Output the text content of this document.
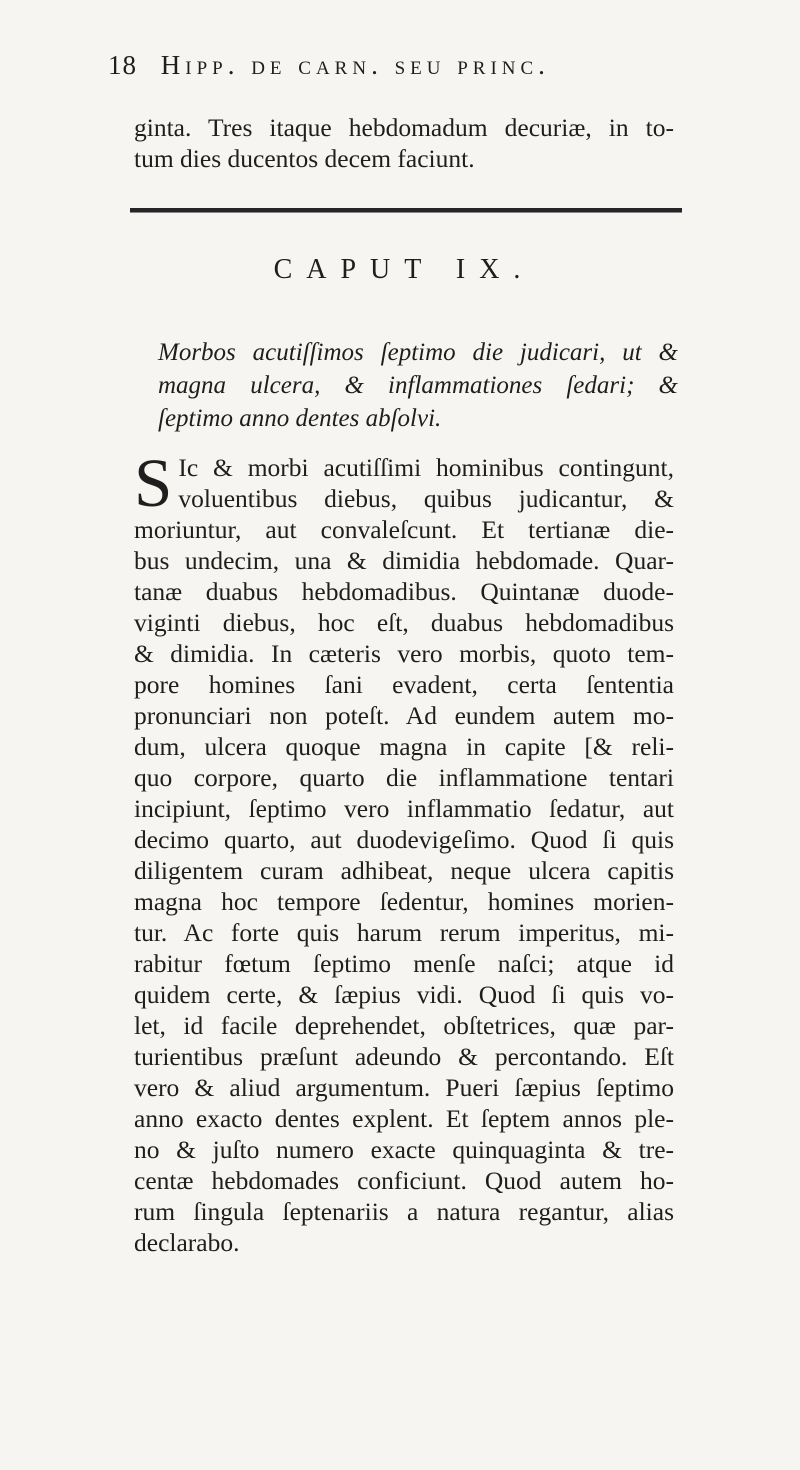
18 Hipp. de carn. seu princ.
ginta. Tres itaque hebdomadum decuriæ, in to-
tum dies ducentos decem faciunt.
CAPUT IX.
Morbos acutiſſimos ſeptimo die judicari, ut &
magna ulcera, & inflammationes ſedari; &
ſeptimo anno dentes abſolvi.
S Ic & morbi acutiſſimi hominibus contingunt,
voluentibus diebus, quibus judicantur, &
moriuntur, aut convaleſcunt. Et tertianæ die-
bus undecim, una & dimidia hebdomade. Quar-
tanæ duabus hebdomadibus. Quintanæ duode-
viginti diebus, hoc eſt, duabus hebdomadibus
& dimidia. In cæteris vero morbis, quoto tem-
pore homines ſani evadent, certa ſententia
pronunciari non poteſt. Ad eundem autem mo-
dum, ulcera quoque magna in capite [& reli-
quo corpore, quarto die inflammatione tentari
incipiunt, ſeptimo vero inflammatio ſedatur, aut
decimo quarto, aut duodevigeſimo. Quod ſi quis
diligentem curam adhibeat, neque ulcera capitis
magna hoc tempore ſedentur, homines morien-
tur. Ac forte quis harum rerum imperitus, mi-
rabitur fœtum ſeptimo menſe naſci; atque id
quidem certe, & ſæpius vidi. Quod ſi quis vo-
let, id facile deprehendet, obſtetrices, quæ par-
turientibus præſunt adeundo & percontando. Eſt
vero & aliud argumentum. Pueri ſæpius ſeptimo
anno exacto dentes explent. Et ſeptem annos ple-
no & juſto numero exacte quinquaginta & tre-
centæ hebdomades conficiunt. Quod autem ho-
rum ſingula ſeptenariis a natura regantur, alias
declarabo.
